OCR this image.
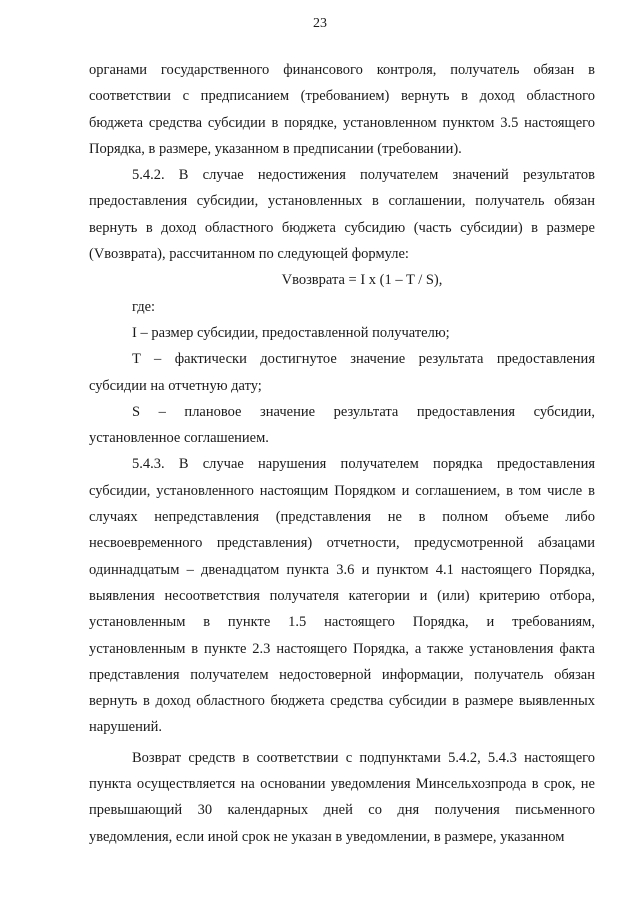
23

органами государственного финансового контроля, получатель обязан в соответствии с предписанием (требованием) вернуть в доход областного бюджета средства субсидии в порядке, установленном пунктом 3.5 настоящего Порядка, в размере, указанном в предписании (требовании).

5.4.2. В случае недостижения получателем значений результатов предоставления субсидии, установленных в соглашении, получатель обязан вернуть в доход областного бюджета субсидию (часть субсидии) в размере (Vвозврата), рассчитанном по следующей формуле:

Vвозврата = I x (1 – T / S),

где:

I – размер субсидии, предоставленной получателю;

T – фактически достигнутое значение результата предоставления субсидии на отчетную дату;

S – плановое значение результата предоставления субсидии, установленное соглашением.

5.4.3. В случае нарушения получателем порядка предоставления субсидии, установленного настоящим Порядком и соглашением, в том числе в случаях непредставления (представления не в полном объеме либо несвоевременного представления) отчетности, предусмотренной абзацами одиннадцатым – двенадцатом пункта 3.6 и пунктом 4.1 настоящего Порядка, выявления несоответствия получателя категории и (или) критерию отбора, установленным в пункте 1.5 настоящего Порядка, и требованиям, установленным в пункте 2.3 настоящего Порядка, а также установления факта представления получателем недостоверной информации, получатель обязан вернуть в доход областного бюджета средства субсидии в размере выявленных нарушений.

Возврат средств в соответствии с подпунктами 5.4.2, 5.4.3 настоящего пункта осуществляется на основании уведомления Минсельхозпрода в срок, не превышающий 30 календарных дней со дня получения письменного уведомления, если иной срок не указан в уведомлении, в размере, указанном
